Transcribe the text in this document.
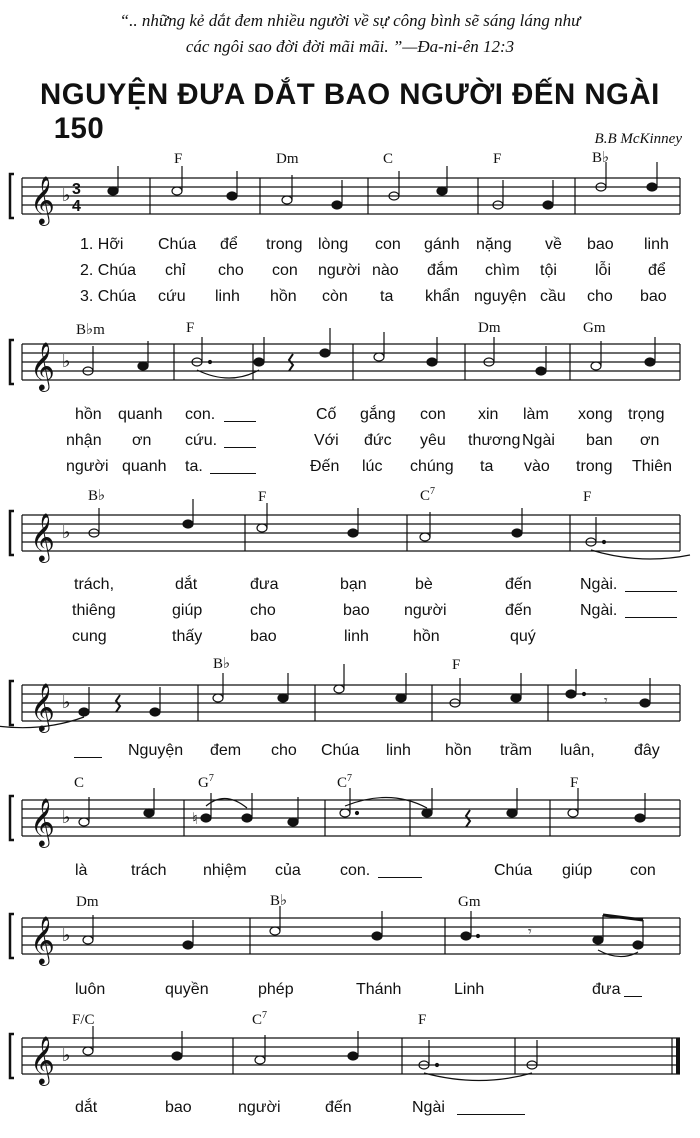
“.. những kẻ dắt đem nhiều người về sự công bình sẽ sáng láng như
các ngôi sao đời đời mãi mãi. ”—Đa-ni-ên 12:3
NGUYỆN ĐƯA DẮT BAO NGƯỜI ĐẾN NGÀI 150	B.B McKinney
F	Dm	C	F	B♭
𝄞 ♭ 3
4
1. Hỡi Chúa để trong lòng con gánh nặng về bao linh
2. Chúa chỉ cho con người nào đắm chìm tội lỗi để
3. Chúa cứu linh hồn còn ta khẩn nguyện cầu cho bao
B♭m	F	Dm	Gm
𝄞 ♭
hồn quanh con.	Cố gắng con xin làm xong trọng
nhận ơn cứu.	Với đức yêu thương Ngài ban ơn
người quanh ta.	Đến lúc chúng ta vào trong Thiên
B♭	F	$C^7$	F
𝄞 ♭
trách,	dắt	đưa	bạn	bè	đến	Ngài.
thiêng	giúp	cho	bao người	đến	Ngài.
cung	thấy	bao	linh	hồn	quý
B♭	F
𝄞 ♭	𝄾
Nguyện đem cho Chúa linh hồn trầm luân, đây
C	$G^7$	$C^7$	F
𝄞 ♭	♮
là	trách nhiệm của con.	Chúa giúp con
Dm	B♭	Gm
𝄞 ♭	𝄾
luôn	quyền	phép	Thánh	Linh	đưa
F/C	$C^7$	F
𝄞 ♭
dắt	bao	người	đến	Ngài
